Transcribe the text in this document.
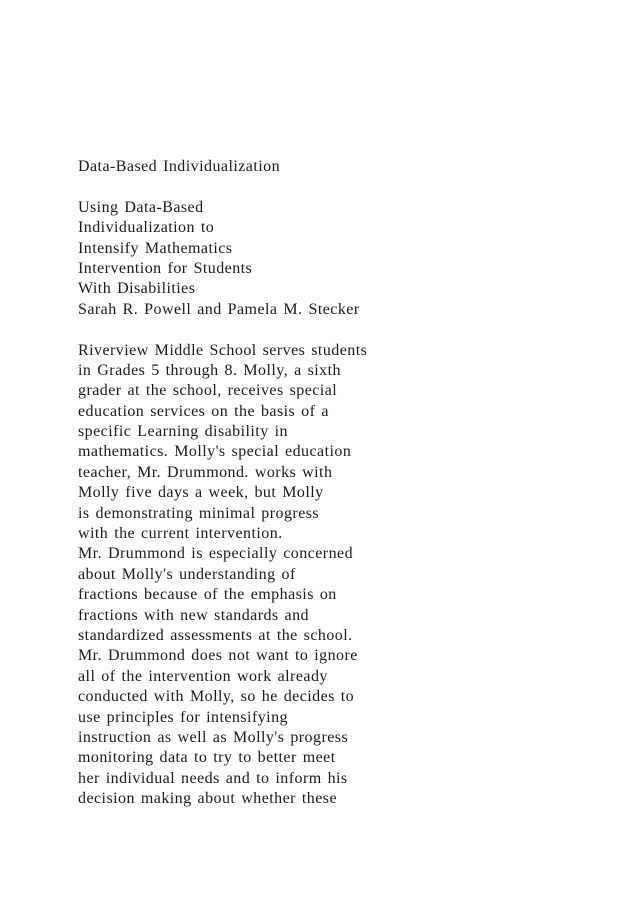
Data-Based Individualization
Using Data-Based
Individualization to
Intensify Mathematics
Intervention for Students
With Disabilities
Sarah R. Powell and Pamela M. Stecker
Riverview Middle School serves students
in Grades 5 through 8. Molly, a sixth
grader at the school, receives special
education services on the basis of a
specific Learning disability in
mathematics. Molly's special education
teacher, Mr. Drummond. works with
Molly five days a week, but Molly
is demonstrating minimal progress
with the current intervention.
Mr. Drummond is especially concerned
about Molly's understanding of
fractions because of the emphasis on
fractions with new standards and
standardized assessments at the school.
Mr. Drummond does not want to ignore
all of the intervention work already
conducted with Molly, so he decides to
use principles for intensifying
instruction as well as Molly's progress
monitoring data to try to better meet
her individual needs and to inform his
decision making about whether these
